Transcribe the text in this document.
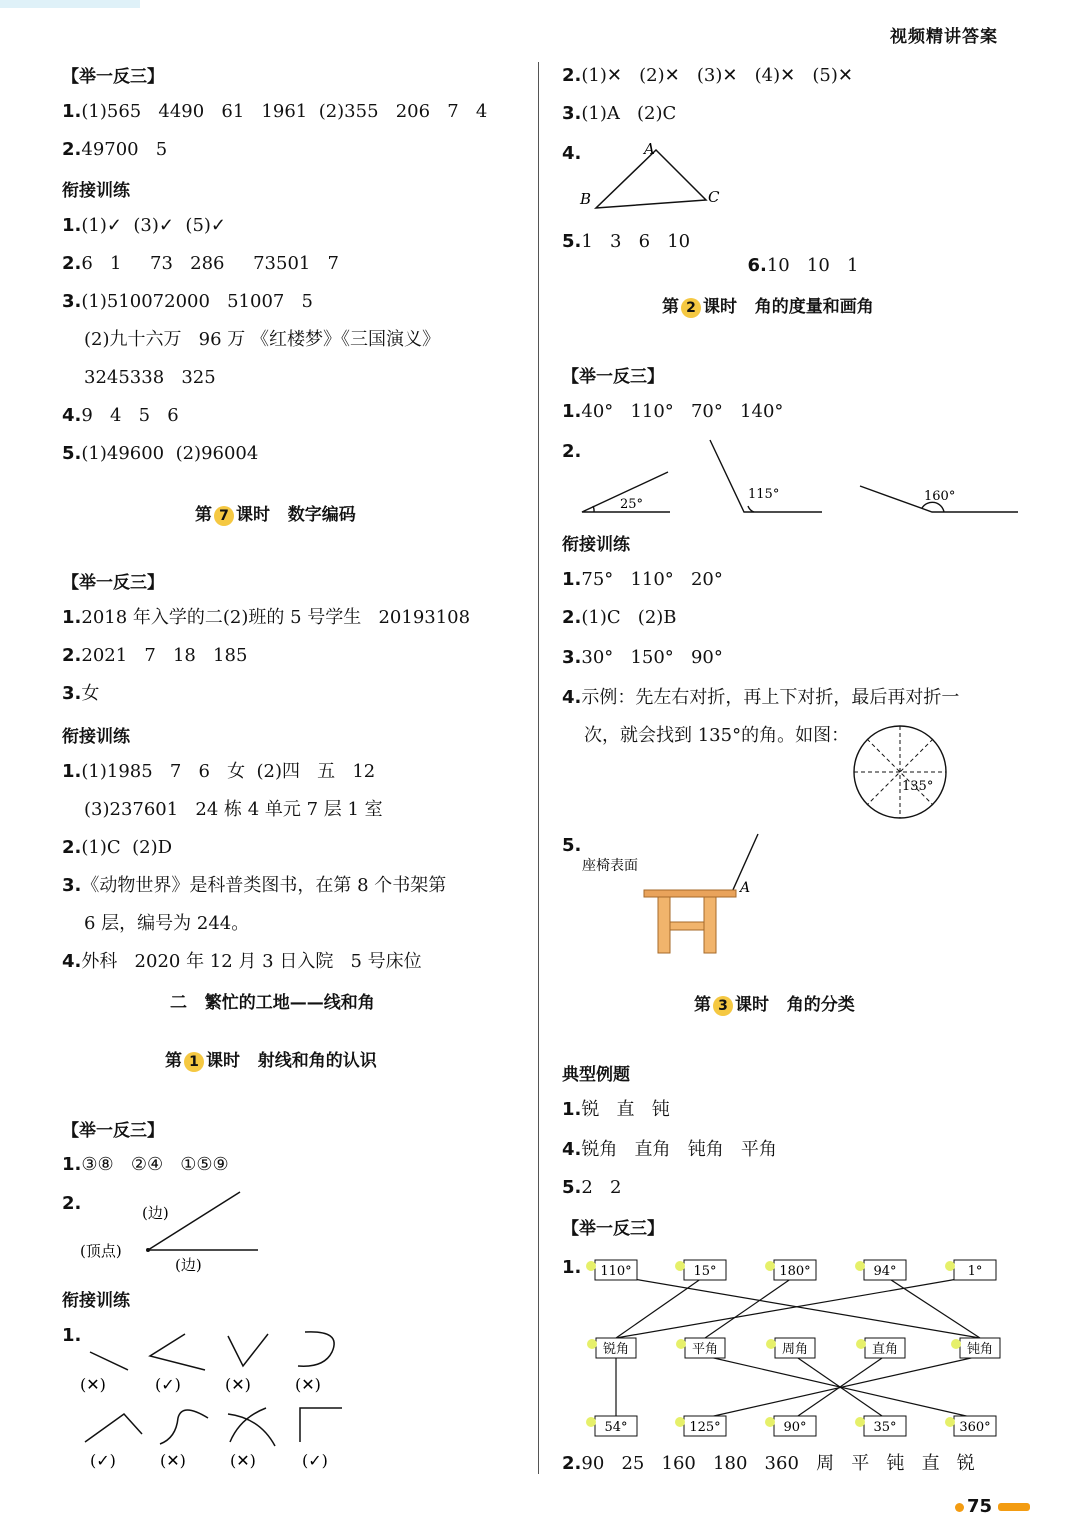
视频精讲答案
【举一反三】
1.(1)565   4490   61   1961  (2)355   206   7   4
2.49700   5
衔接训练
1.(1)✓  (3)✓  (5)✓
2.6   1     73   286     73501   7
3.(1)510072000   51007   5
(2)九十六万   96 万 《红楼梦》《三国演义》
3245338   325
4.9   4   5   6
5.(1)49600  (2)96004
第 7 课时   数字编码
【举一反三】
1.2018 年入学的二(2)班的 5 号学生   20193108
2.2021   7   18   185
3.女
衔接训练
1.(1)1985   7   6   女  (2)四   五   12
(3)237601   24 栋 4 单元 7 层 1 室
2.(1)C  (2)D
3.《动物世界》是科普类图书，在第 8 个书架第
6 层，编号为 244。
4.外科   2020 年 12 月 3 日入院   5 号床位
二   繁忙的工地——线和角
第 1 课时   射线和角的认识
【举一反三】
1.③⑧   ②④   ①⑤⑨
2.
衔接训练
1.
2.(1)✕   (2)✕   (3)✕   (4)✕   (5)✕
3.(1)A   (2)C
4.
5.1   3   6   10
第 2 课时   角的度量和画角
【举一反三】
1.40°   110°   70°   140°
2.
衔接训练
1.75°   110°   20°
2.(1)C   (2)B
3.30°   150°   90°
4.示例：先左右对折，再上下对折，最后再对折一
次，就会找到 135°的角。如图：
5.
第 3 课时   角的分类
典型例题
1.锐   直   钝
4.锐角   直角   钝角   平角
5.2   2
【举一反三】
1.
2.90   25   160   180   360   周   平   钝   直   锐

6.10   10   1

(边)
(顶点)
(边)
(✕)	(✓)	(✕)	(✕)
(✓)	(✕)	(✕)	(✓)
A
B	C
25°
115°	160°
135°
座椅表面
A
110°	15°	180°	94°	1°
锐角	平角	周角	直角	钝角
54°	125°	90°	35°	360°
75
